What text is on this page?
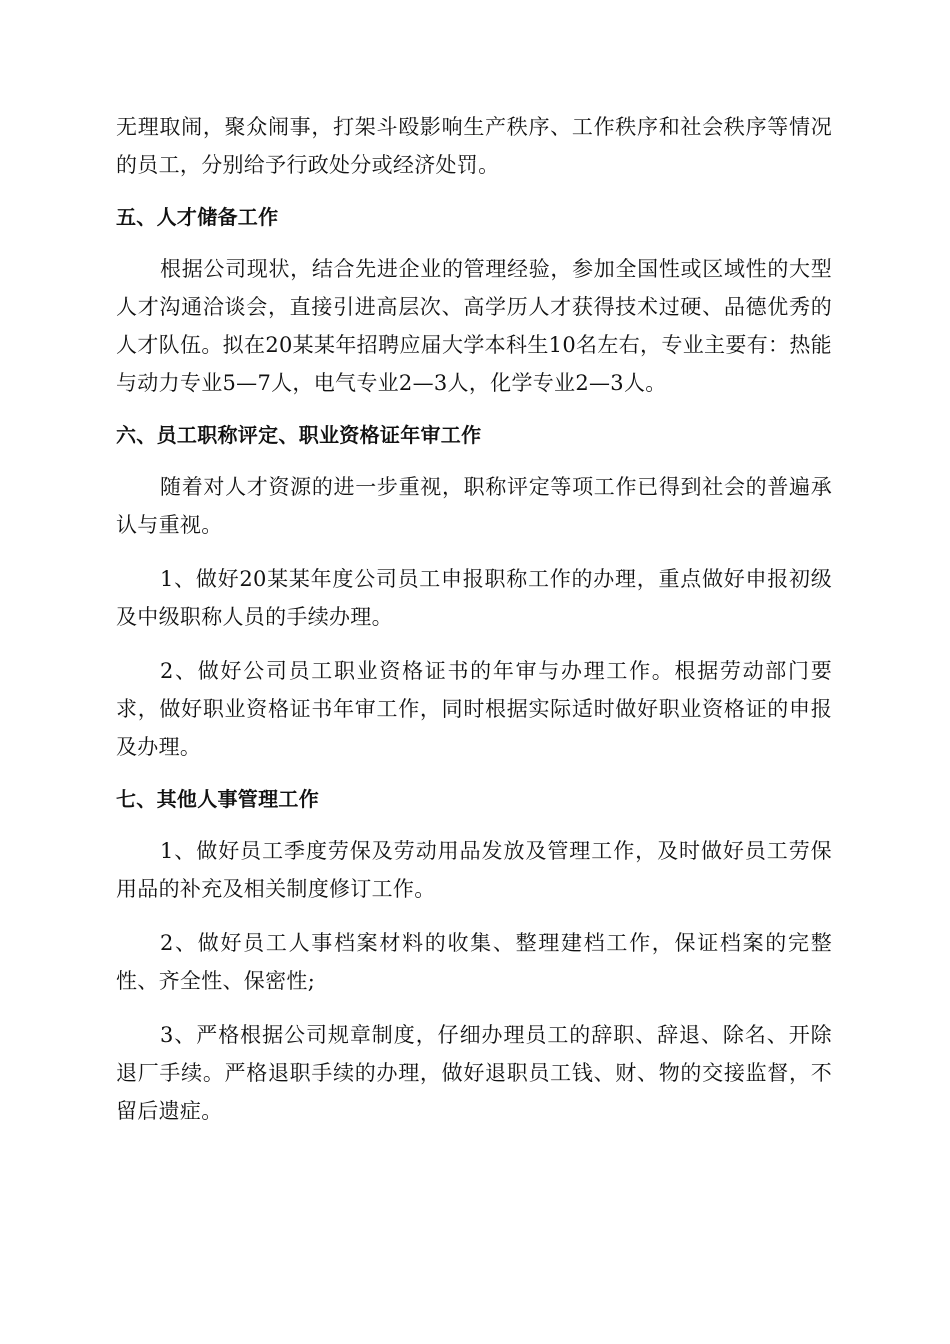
无理取闹，聚众闹事，打架斗殴影响生产秩序、工作秩序和社会秩序等情况的员工，分别给予行政处分或经济处罚。

五、人才储备工作

根据公司现状，结合先进企业的管理经验，参加全国性或区域性的大型人才沟通洽谈会，直接引进高层次、高学历人才获得技术过硬、品德优秀的人才队伍。拟在20某某年招聘应届大学本科生10名左右，专业主要有：热能与动力专业5—7人，电气专业2—3人，化学专业2—3人。

六、员工职称评定、职业资格证年审工作

随着对人才资源的进一步重视，职称评定等项工作已得到社会的普遍承认与重视。

1、做好20某某年度公司员工申报职称工作的办理，重点做好申报初级及中级职称人员的手续办理。

2、做好公司员工职业资格证书的年审与办理工作。根据劳动部门要求，做好职业资格证书年审工作，同时根据实际适时做好职业资格证的申报及办理。

七、其他人事管理工作

1、做好员工季度劳保及劳动用品发放及管理工作，及时做好员工劳保用品的补充及相关制度修订工作。

2、做好员工人事档案材料的收集、整理建档工作，保证档案的完整性、齐全性、保密性;

3、严格根据公司规章制度，仔细办理员工的辞职、辞退、除名、开除退厂手续。严格退职手续的办理，做好退职员工钱、财、物的交接监督，不留后遗症。
